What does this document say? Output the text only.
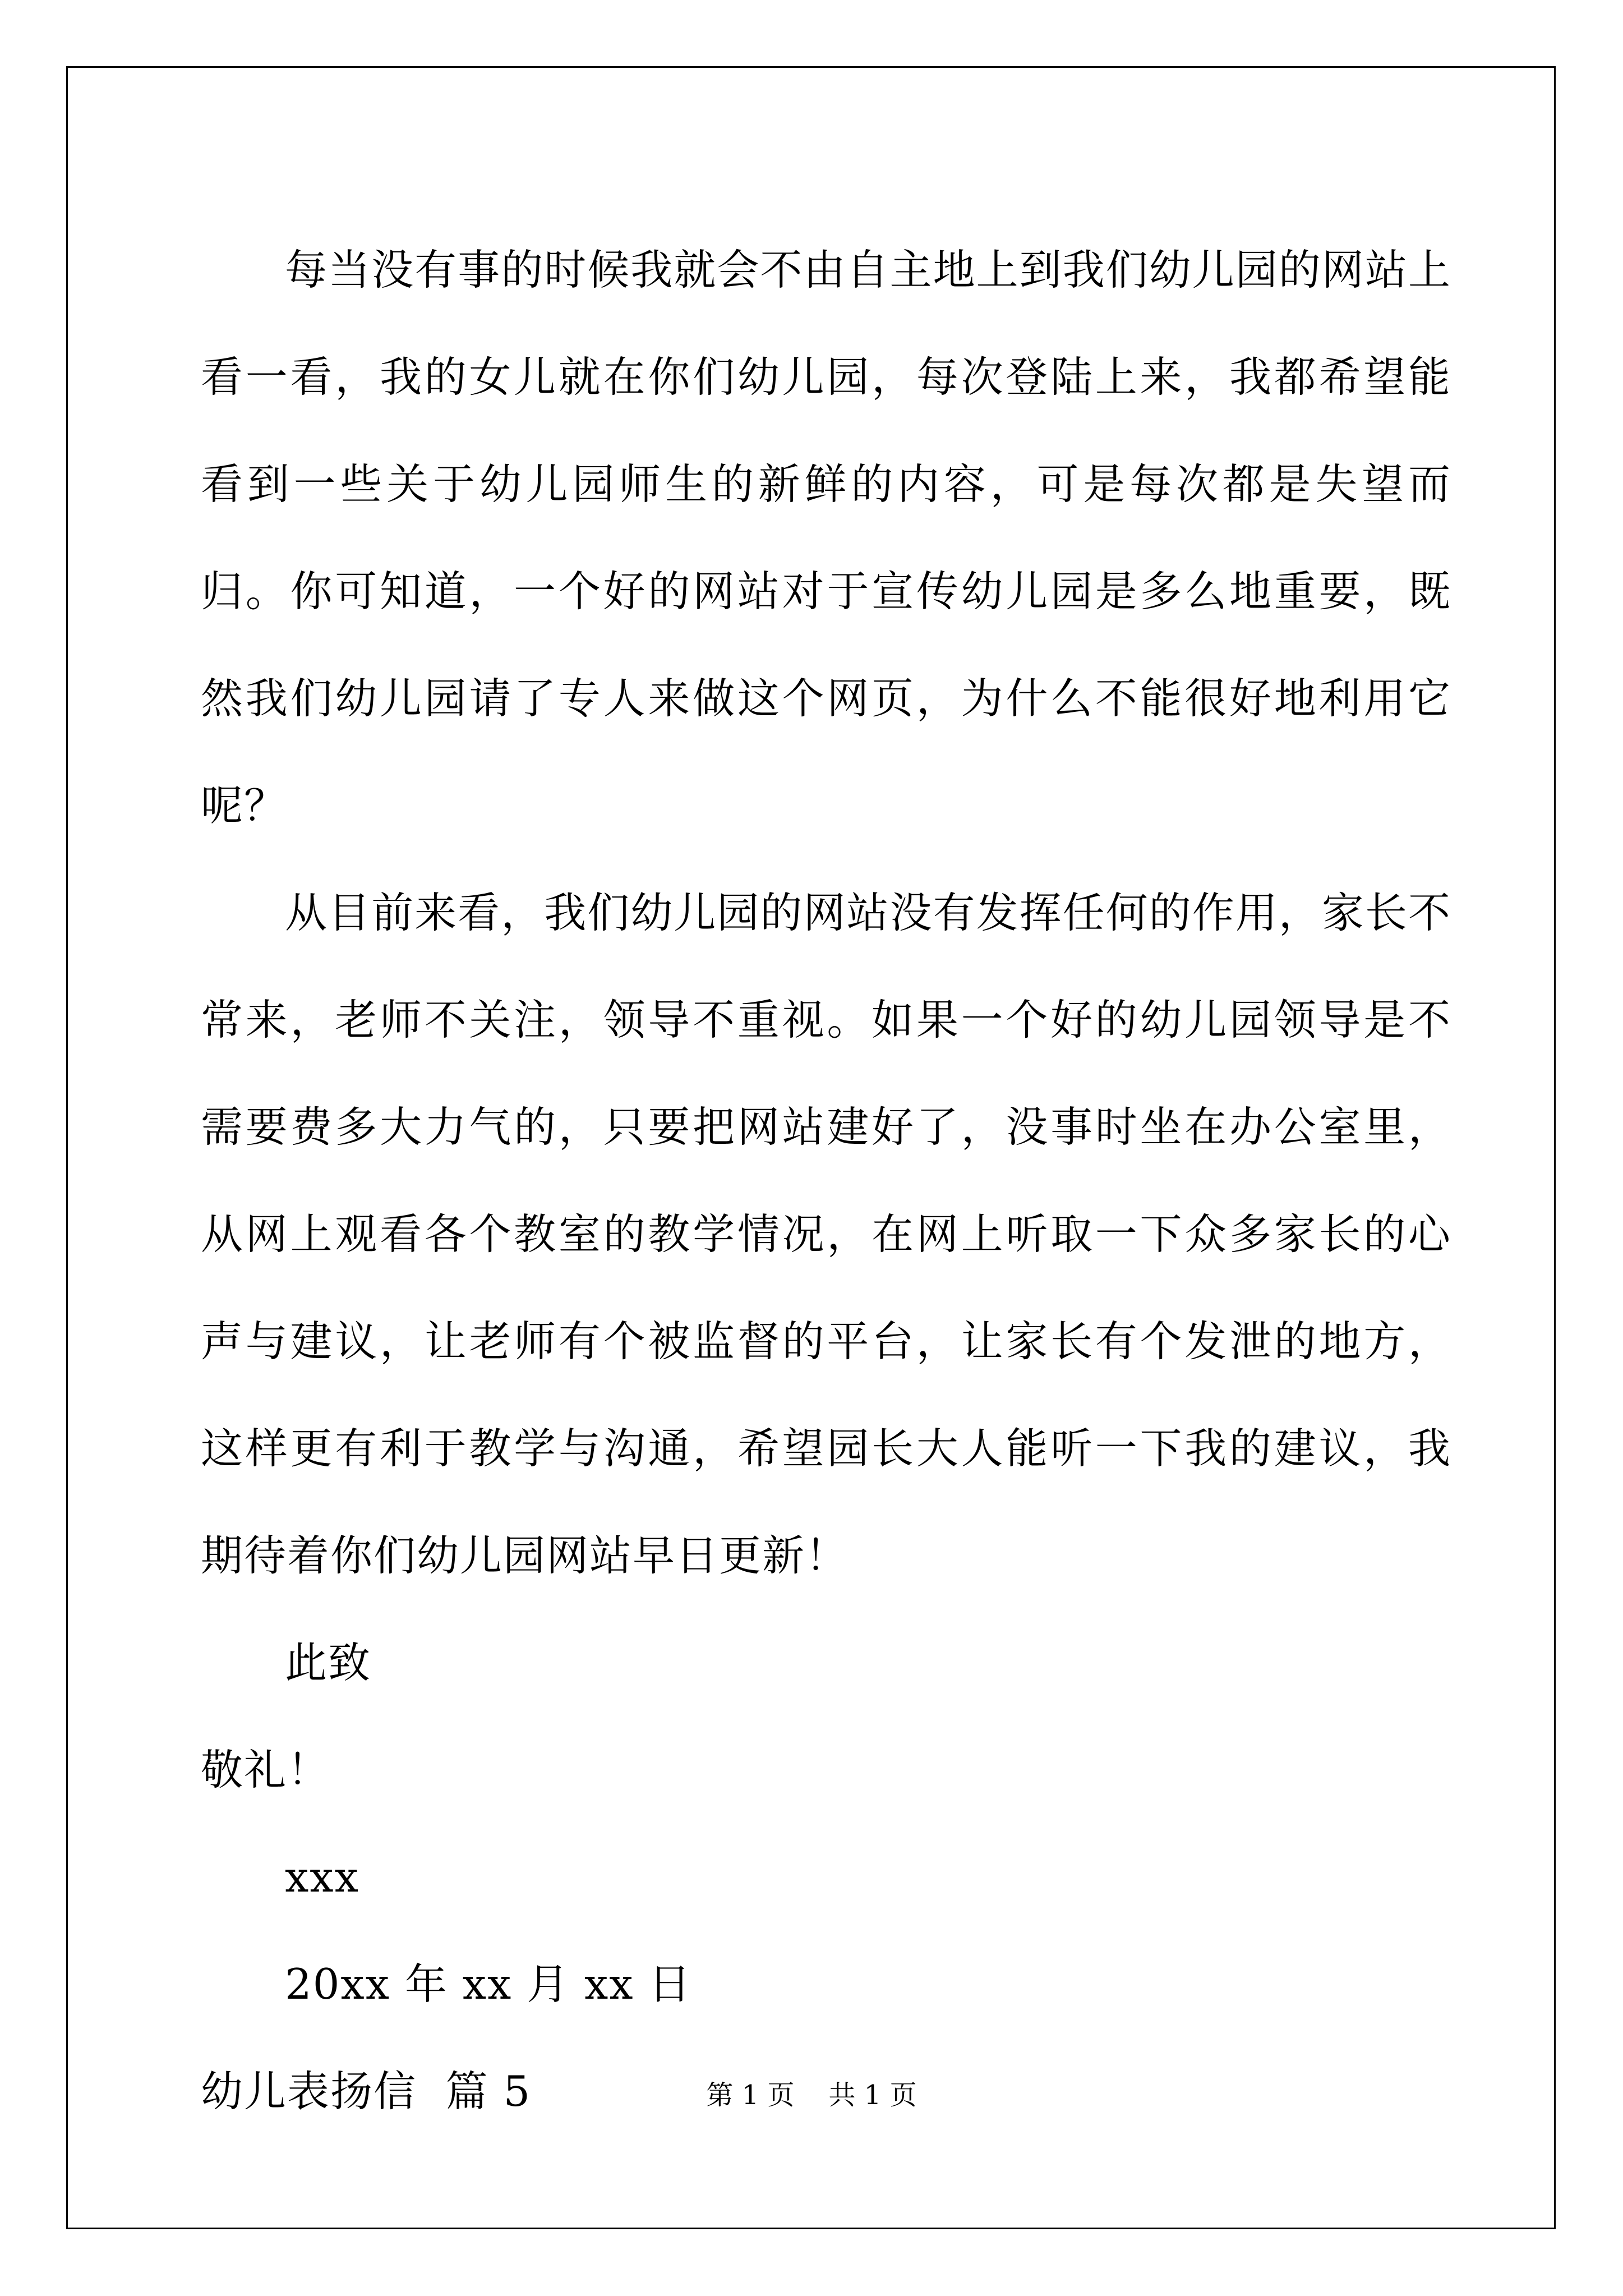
每当没有事的时候我就会不由自主地上到我们幼儿园的网站上看一看，我的女儿就在你们幼儿园，每次登陆上来，我都希望能看到一些关于幼儿园师生的新鲜的内容，可是每次都是失望而归。你可知道，一个好的网站对于宣传幼儿园是多么地重要，既然我们幼儿园请了专人来做这个网页，为什么不能很好地利用它呢？

从目前来看，我们幼儿园的网站没有发挥任何的作用，家长不常来，老师不关注，领导不重视。如果一个好的幼儿园领导是不需要费多大力气的，只要把网站建好了，没事时坐在办公室里，从网上观看各个教室的教学情况，在网上听取一下众多家长的心声与建议，让老师有个被监督的平台，让家长有个发泄的地方，这样更有利于教学与沟通，希望园长大人能听一下我的建议，我期待着你们幼儿园网站早日更新！

此致

敬礼！

xxx

20xx 年 xx 月 xx 日

幼儿表扬信  篇 5	第 1 页    共 1 页
